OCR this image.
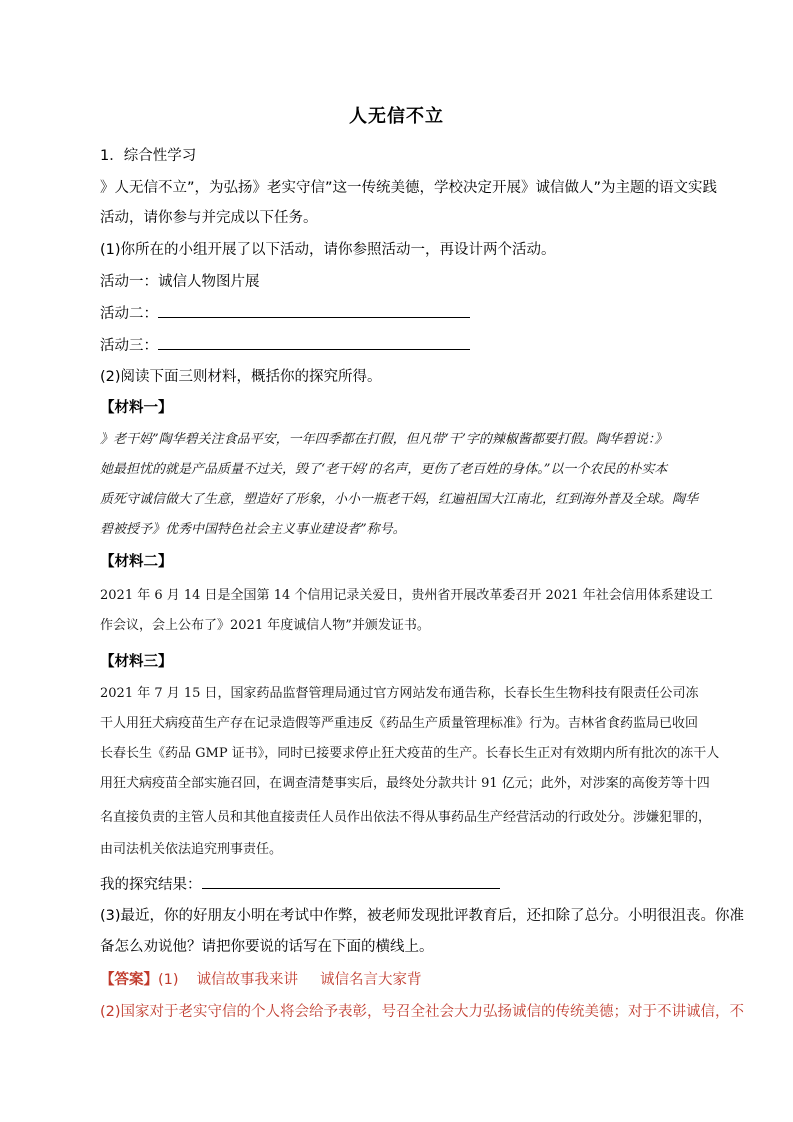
人无信不立
1．综合性学习
》人无信不立”，为弘扬》老实守信”这一传统美德，学校决定开展》诚信做人”为主题的语文实践
活动，请你参与并完成以下任务。
(1)你所在的小组开展了以下活动，请你参照活动一，再设计两个活动。
活动一：诚信人物图片展
活动二：
活动三：
(2)阅读下面三则材料，概括你的探究所得。
【材料一】
》老干妈”陶华碧关注食品平安，一年四季都在打假，但凡带‘干’字的辣椒酱都要打假。陶华碧说：》
她最担忧的就是产品质量不过关，毁了‘老干妈’的名声，更伤了老百姓的身体。”以一个农民的朴实本
质死守诚信做大了生意，塑造好了形象，小小一瓶老干妈，红遍祖国大江南北，红到海外普及全球。陶华
碧被授予》优秀中国特色社会主义事业建设者”称号。
【材料二】
2021 年 6 月 14 日是全国第 14 个信用记录关爱日，贵州省开展改革委召开 2021 年社会信用体系建设工
作会议，会上公布了》2021 年度诚信人物”并颁发证书。
【材料三】
2021 年 7 月 15 日，国家药品监督管理局通过官方网站发布通告称，长春长生生物科技有限责任公司冻
干人用狂犬病疫苗生产存在记录造假等严重违反《药品生产质量管理标准》行为。吉林省食药监局已收回
长春长生《药品 GMP 证书》，同时已接要求停止狂犬疫苗的生产。长春长生正对有效期内所有批次的冻干人
用狂犬病疫苗全部实施召回，在调查清楚事实后，最终处分款共计 91 亿元；此外，对涉案的高俊芳等十四
名直接负责的主管人员和其他直接责任人员作出依法不得从事药品生产经营活动的行政处分。涉嫌犯罪的，
由司法机关依法追究刑事责任。
我的探究结果：
(3)最近，你的好朋友小明在考试中作弊，被老师发现批评教育后，还扣除了总分。小明很沮丧。你准
备怎么劝说他？请把你要说的话写在下面的横线上。
【答案】(1) 诚信故事我来讲 诚信名言大家背
(2)国家对于老实守信的个人将会给予表彰，号召全社会大力弘扬诚信的传统美德；对于不讲诚信，不
